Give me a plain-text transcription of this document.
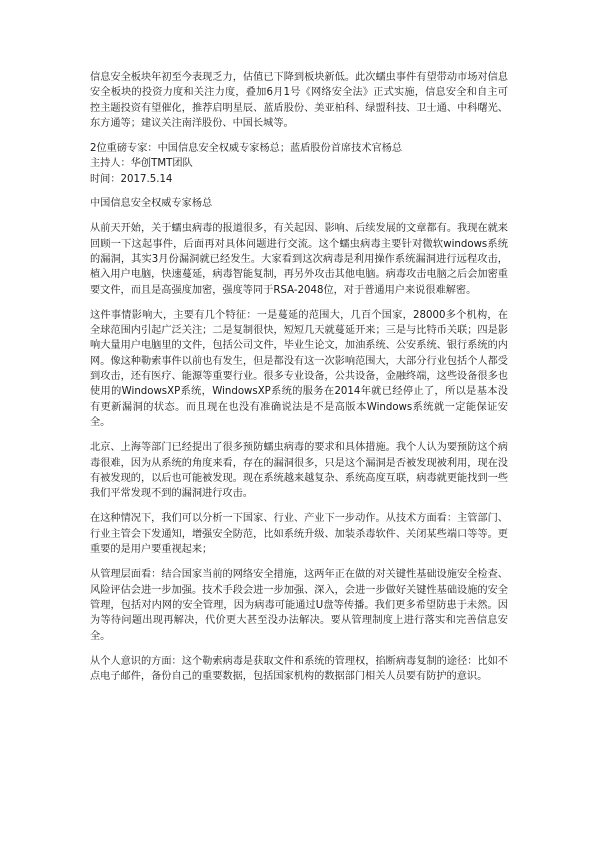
信息安全板块年初至今表现乏力，估值已下降到板块新低。此次蠕虫事件有望带动市场对信息安全板块的投资力度和关注力度，叠加6月1号《网络安全法》正式实施，信息安全和自主可控主题投资有望催化，推荐启明星辰、蓝盾股份、美亚柏科、绿盟科技、卫士通、中科曙光、东方通等；建议关注南洋股份、中国长城等。

2位重磅专家：中国信息安全权威专家杨总；蓝盾股份首席技术官杨总

主持人：华创TMT团队

时间：2017.5.14

中国信息安全权威专家杨总

从前天开始，关于蠕虫病毒的报道很多，有关起因、影响、后续发展的文章都有。我现在就来回顾一下这起事件，后面再对具体问题进行交流。这个蠕虫病毒主要针对微软windows系统的漏洞，其实3月份漏洞就已经发生。大家看到这次病毒是利用操作系统漏洞进行远程攻击，植入用户电脑，快速蔓延，病毒智能复制，再另外攻击其他电脑。病毒攻击电脑之后会加密重要文件，而且是高强度加密，强度等同于RSA-2048位，对于普通用户来说很难解密。

这件事情影响大，主要有几个特征：一是蔓延的范围大，几百个国家，28000多个机构，在全球范围内引起广泛关注；二是复制很快，短短几天就蔓延开来；三是与比特币关联；四是影响大量用户电脑里的文件，包括公司文件，毕业生论文，加油系统、公安系统、银行系统的内网。像这种勒索事件以前也有发生，但是都没有这一次影响范围大，大部分行业包括个人都受到攻击，还有医疗、能源等重要行业。很多专业设备，公共设备，金融终端，这些设备很多也使用的WindowsXP系统，WindowsXP系统的服务在2014年就已经停止了，所以是基本没有更新漏洞的状态。而且现在也没有准确说法是不是高版本Windows系统就一定能保证安全。

北京、上海等部门已经提出了很多预防蠕虫病毒的要求和具体措施。我个人认为要预防这个病毒很难，因为从系统的角度来看，存在的漏洞很多，只是这个漏洞是否被发现被利用，现在没有被发现的，以后也可能被发现。现在系统越来越复杂、系统高度互联，病毒就更能找到一些我们平常发现不到的漏洞进行攻击。

在这种情况下，我们可以分析一下国家、行业、产业下一步动作。从技术方面看：主管部门、行业主管会下发通知，增强安全防范，比如系统升级、加装杀毒软件、关闭某些端口等等。更重要的是用户要重视起来；

从管理层面看：结合国家当前的网络安全措施，这两年正在做的对关键性基础设施安全检查、风险评估会进一步加强。技术手段会进一步加强、深入，会进一步做好关键性基础设施的安全管理，包括对内网的安全管理，因为病毒可能通过U盘等传播。我们更多希望防患于未然。因为等待问题出现再解决，代价更大甚至没办法解决。要从管理制度上进行落实和完善信息安全。

从个人意识的方面：这个勒索病毒是获取文件和系统的管理权，掐断病毒复制的途径：比如不点电子邮件，备份自己的重要数据，包括国家机构的数据部门相关人员要有防护的意识。
